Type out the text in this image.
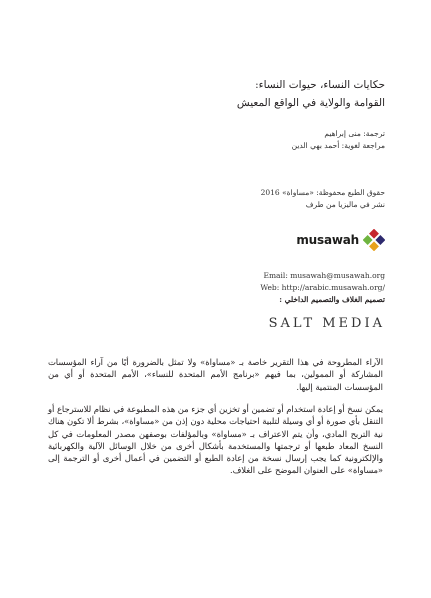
حكايات النساء، حيوات النساء:
القوامة والولاية في الواقع المعيش
ترجمة: منى إبراهيم
مراجعة لغوية: أحمد بهي الدين
حقوق الطبع محفوظة: «مساواة» 2016
نشر في ماليزيا من طرف
musawah
Email: musawah@musawah.org
Web: http://arabic.musawah.org/
تصميم الغلاف والتصميم الداخلي :
SALT MEDIA
الآراء المطروحة في هذا التقرير خاصة بـ «مساواة» ولا تمثل بالضرورة أيًا من آراء المؤسسات المشاركة أو الممولين، بما فيهم «برنامج الأمم المتحدة للنساء»، الأمم المتحدة أو أي من المؤسسات المنتمية إليها.
يمكن نسخ أو إعادة استخدام أو تضمين أو تخزين أي جزء من هذه المطبوعة في نظام للاسترجاع أو التنقل بأي صورة أو أي وسيلة لتلبية احتياجات محلية دون إذن من «مساواة»، بشرط ألا تكون هناك نية التربح المادي، وأن يتم الاعتراف بـ «مساواة» وبالمؤلفات بوصفهن مصدر المعلومات في كل النسخ المعاد طبعها أو ترجمتها والمستخدمة بأشكال أخرى من خلال الوسائل الآلية والكهربائية والإلكترونية كما يجب إرسال نسخة من إعادة الطبع أو التضمين في أعمال أخرى أو الترجمة إلى «مساواة» على العنوان الموضح على الغلاف.
